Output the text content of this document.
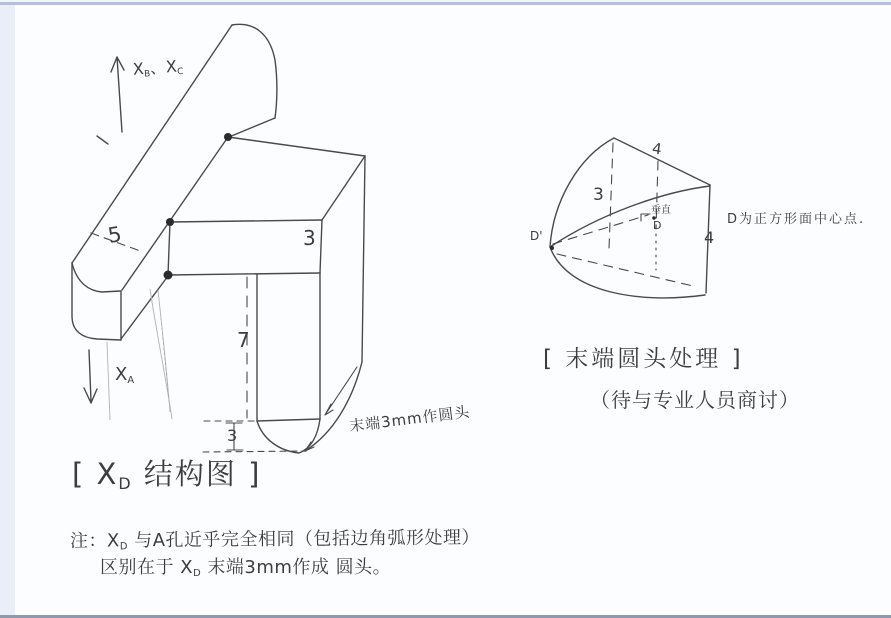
$X_B$、$X_C$
$X_A$
5	3
7
3
末端3mm作圆头
[ $X_D$ 结构图 ]
4
3
4
垂直
D
D'
D为正方形面中心点.
[ 末端圆头处理 ]
（待与专业人员商讨）
注：$X_D$ 与A孔近乎完全相同（包括边角弧形处理）
区别在于 $X_D$ 末端3mm作成 圆头。
